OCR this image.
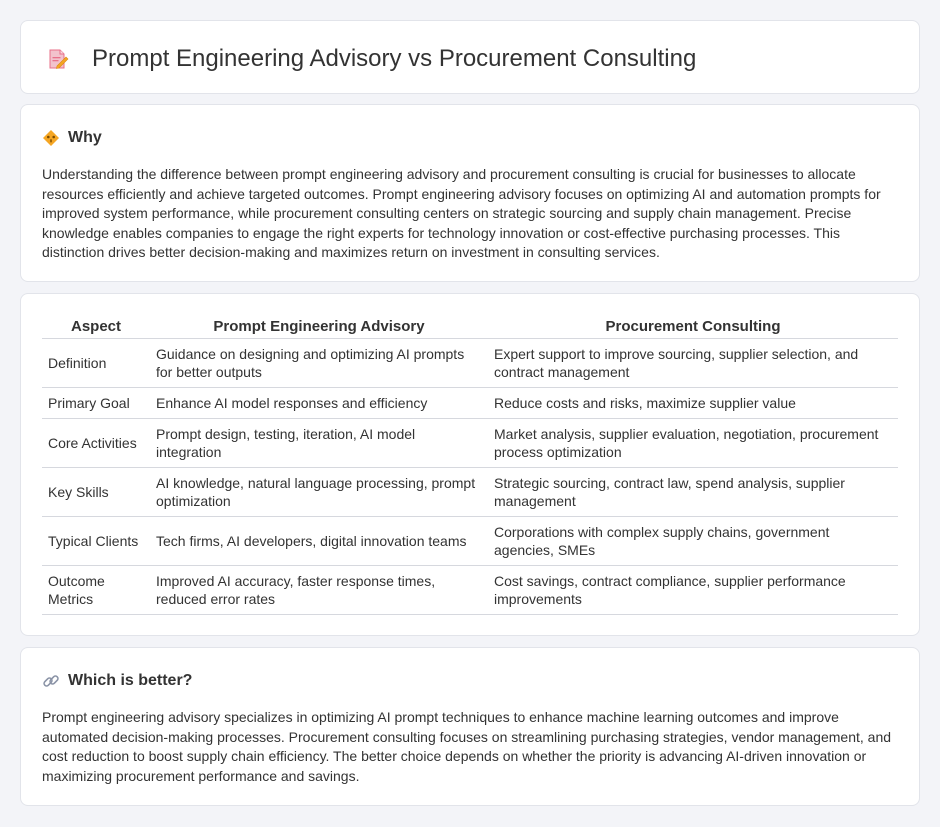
Prompt Engineering Advisory vs Procurement Consulting
Why

Understanding the difference between prompt engineering advisory and procurement consulting is crucial for businesses to allocate resources efficiently and achieve targeted outcomes. Prompt engineering advisory focuses on optimizing AI and automation prompts for improved system performance, while procurement consulting centers on strategic sourcing and supply chain management. Precise knowledge enables companies to engage the right experts for technology innovation or cost-effective purchasing processes. This distinction drives better decision-making and maximizes return on investment in consulting services.

Aspect	Prompt Engineering Advisory	Procurement Consulting
Definition	Guidance on designing and optimizing AI prompts for better outputs	Expert support to improve sourcing, supplier selection, and contract management
Primary Goal	Enhance AI model responses and efficiency	Reduce costs and risks, maximize supplier value
Core Activities	Prompt design, testing, iteration, AI model integration	Market analysis, supplier evaluation, negotiation, procurement process optimization
Key Skills	AI knowledge, natural language processing, prompt optimization	Strategic sourcing, contract law, spend analysis, supplier management
Typical Clients	Tech firms, AI developers, digital innovation teams	Corporations with complex supply chains, government agencies, SMEs
Outcome Metrics	Improved AI accuracy, faster response times, reduced error rates	Cost savings, contract compliance, supplier performance improvements
Which is better?

Prompt engineering advisory specializes in optimizing AI prompt techniques to enhance machine learning outcomes and improve automated decision-making processes. Procurement consulting focuses on streamlining purchasing strategies, vendor management, and cost reduction to boost supply chain efficiency. The better choice depends on whether the priority is advancing AI-driven innovation or maximizing procurement performance and savings.
